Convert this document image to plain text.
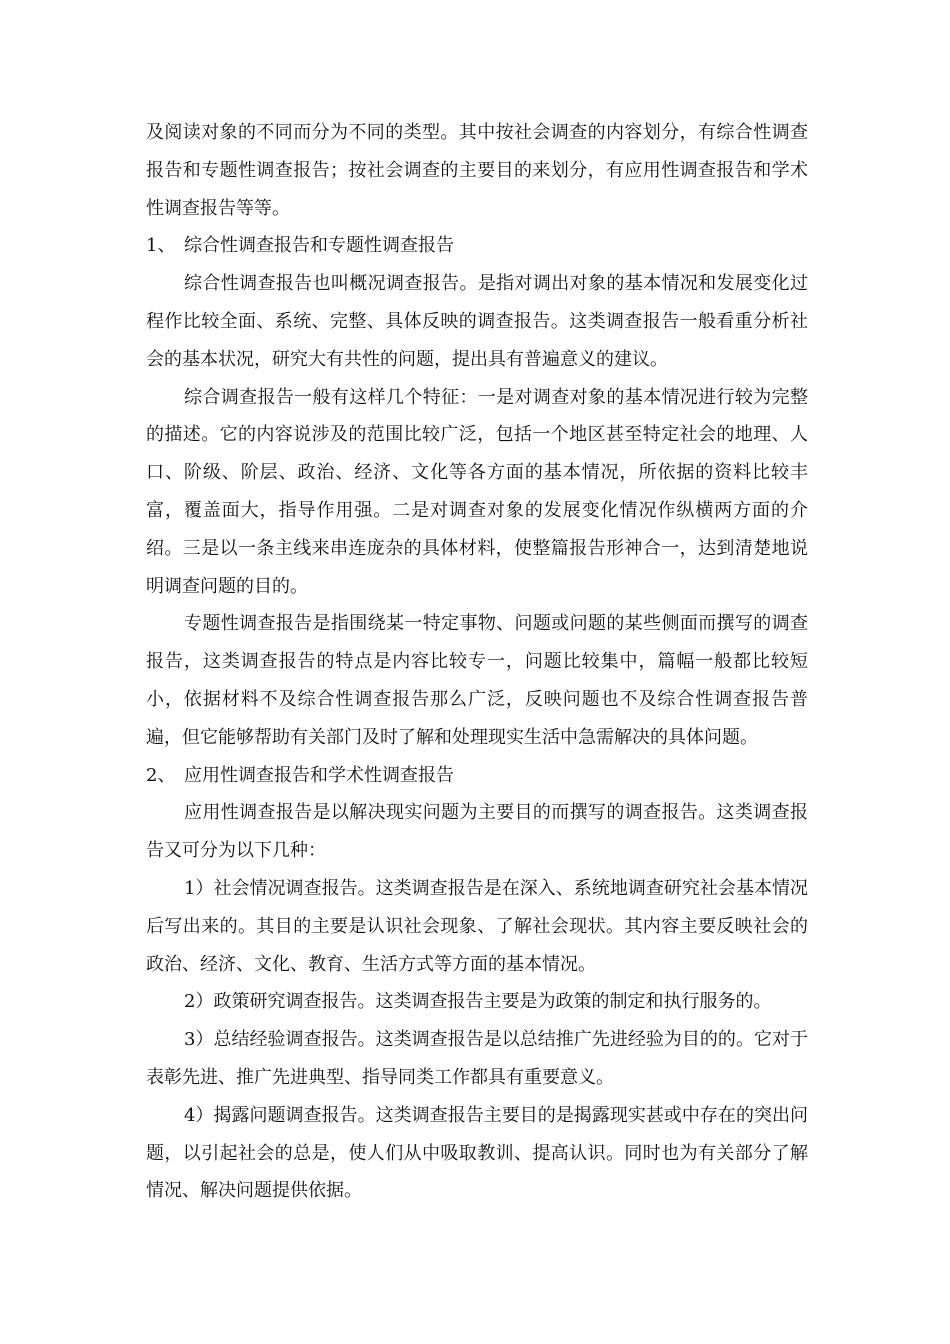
及阅读对象的不同而分为不同的类型。其中按社会调查的内容划分，有综合性调查报告和专题性调查报告；按社会调查的主要目的来划分，有应用性调查报告和学术性调查报告等等。

1、 综合性调查报告和专题性调查报告

综合性调查报告也叫概况调查报告。是指对调出对象的基本情况和发展变化过程作比较全面、系统、完整、具体反映的调查报告。这类调查报告一般看重分析社会的基本状况，研究大有共性的问题，提出具有普遍意义的建议。

综合调查报告一般有这样几个特征：一是对调查对象的基本情况进行较为完整的描述。它的内容说涉及的范围比较广泛，包括一个地区甚至特定社会的地理、人口、阶级、阶层、政治、经济、文化等各方面的基本情况，所依据的资料比较丰富，覆盖面大，指导作用强。二是对调查对象的发展变化情况作纵横两方面的介绍。三是以一条主线来串连庞杂的具体材料，使整篇报告形神合一，达到清楚地说明调查问题的目的。

专题性调查报告是指围绕某一特定事物、问题或问题的某些侧面而撰写的调查报告，这类调查报告的特点是内容比较专一，问题比较集中，篇幅一般都比较短小，依据材料不及综合性调查报告那么广泛，反映问题也不及综合性调查报告普遍，但它能够帮助有关部门及时了解和处理现实生活中急需解决的具体问题。

2、 应用性调查报告和学术性调查报告

应用性调查报告是以解决现实问题为主要目的而撰写的调查报告。这类调查报告又可分为以下几种：

1）社会情况调查报告。这类调查报告是在深入、系统地调查研究社会基本情况后写出来的。其目的主要是认识社会现象、了解社会现状。其内容主要反映社会的政治、经济、文化、教育、生活方式等方面的基本情况。

2）政策研究调查报告。这类调查报告主要是为政策的制定和执行服务的。

3）总结经验调查报告。这类调查报告是以总结推广先进经验为目的的。它对于表彰先进、推广先进典型、指导同类工作都具有重要意义。

4）揭露问题调查报告。这类调查报告主要目的是揭露现实甚或中存在的突出问题，以引起社会的总是，使人们从中吸取教训、提高认识。同时也为有关部分了解情况、解决问题提供依据。
